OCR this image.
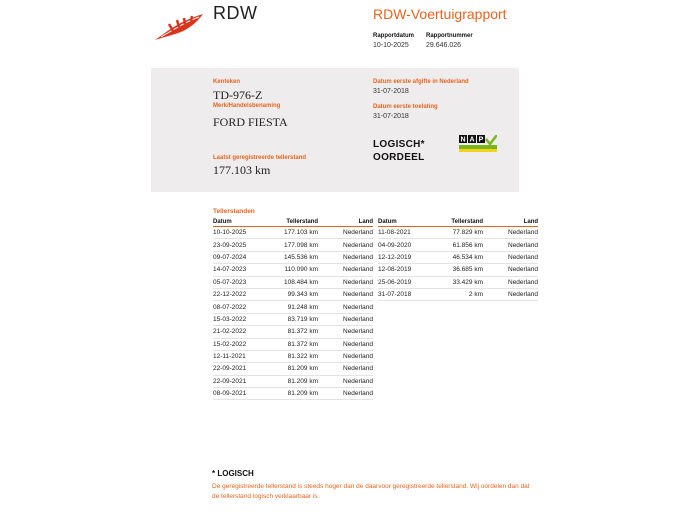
RDW	RDW-Voertuigrapport
Rapportdatum
10-10-2025
Rapportnummer
29.646.026
Kenteken
TD-976-Z
Merk/Handelsbenaming
FORD FIESTA
Laatst geregistreerde tellerstand
177.103 km
Datum eerste afgifte in Nederland
31-07-2018
Datum eerste toelating
31-07-2018
LOGISCH*
OORDEEL
N A P
Tellerstanden
Datum	Tellerstand	Land
10-10-2025	177.103 km	Nederland
23-09-2025	177.098 km	Nederland
09-07-2024	145.536 km	Nederland
14-07-2023	110.090 km	Nederland
05-07-2023	108.484 km	Nederland
22-12-2022	99.343 km	Nederland
08-07-2022	91.248 km	Nederland
15-03-2022	83.719 km	Nederland
21-02-2022	81.372 km	Nederland
15-02-2022	81.372 km	Nederland
12-11-2021	81.322 km	Nederland
22-09-2021	81.209 km	Nederland
22-09-2021	81.209 km	Nederland
08-09-2021	81.209 km	Nederland
Datum	Tellerstand	Land
11-08-2021	77.829 km	Nederland
04-09-2020	61.856 km	Nederland
12-12-2019	46.534 km	Nederland
12-08-2019	36.685 km	Nederland
25-06-2019	33.429 km	Nederland
31-07-2018	2 km	Nederland
* LOGISCH
De geregistreerde tellerstand is steeds hoger dan de daarvoor geregistreerde tellerstand. Wij oordelen dan dat de tellerstand logisch verklaarbaar is.
